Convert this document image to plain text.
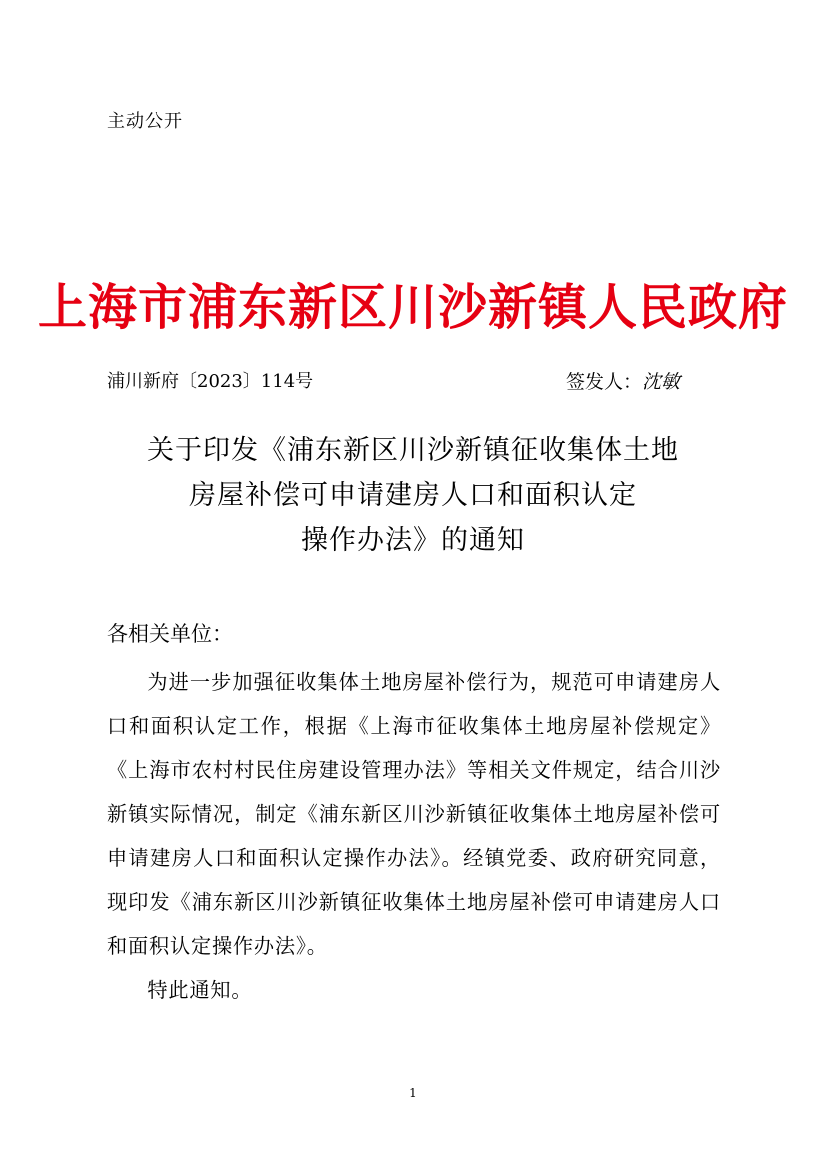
主动公开
上海市浦东新区川沙新镇人民政府
浦川新府〔2023〕114号	签发人：沈敏
关于印发《浦东新区川沙新镇征收集体土地
房屋补偿可申请建房人口和面积认定
操作办法》的通知
各相关单位：

为进一步加强征收集体土地房屋补偿行为，规范可申请建房人口和面积认定工作，根据《上海市征收集体土地房屋补偿规定》《上海市农村村民住房建设管理办法》等相关文件规定，结合川沙新镇实际情况，制定《浦东新区川沙新镇征收集体土地房屋补偿可申请建房人口和面积认定操作办法》。经镇党委、政府研究同意，现印发《浦东新区川沙新镇征收集体土地房屋补偿可申请建房人口和面积认定操作办法》。

特此通知。

1
